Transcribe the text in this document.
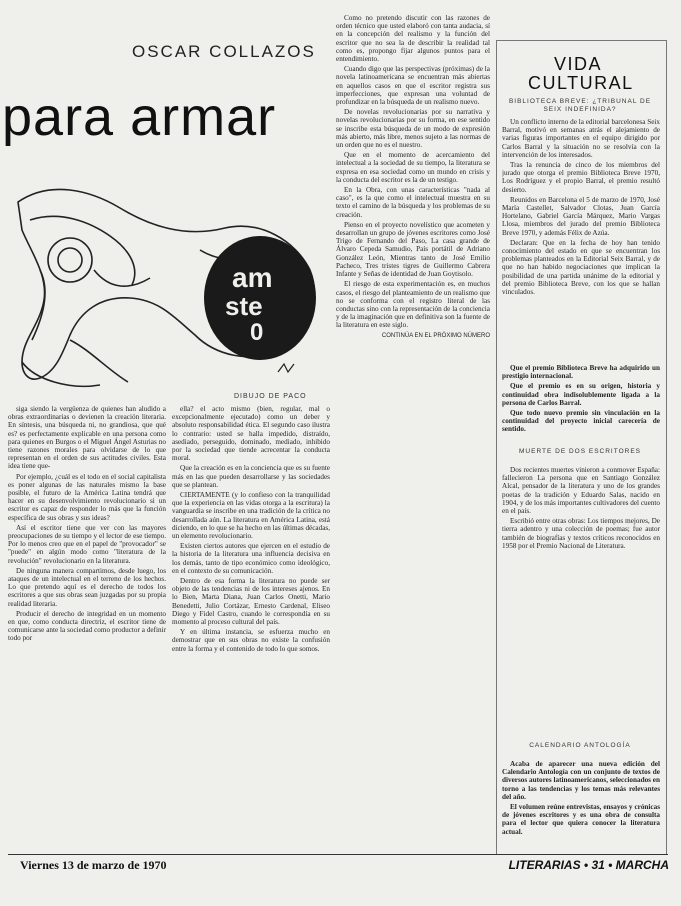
OSCAR COLLAZOS
para armar
am
ste
0
DIBUJO DE PACO

siga siendo la vergüenza de quienes han aludido a obras extraordinarias o devienen la creación literaria. En síntesis, una búsqueda ni, no grandiosa, que qué es? es perfectamente explicable en una persona como para quienes en Burgos o el Miguel Ángel Asturias no tiene razones morales para olvidarse de lo que representan en el orden de sus actitudes civiles. Esta idea tiene que-

Por ejemplo, ¿cuál es el todo en el social capitalista es poner algunas de las naturales mismo la base posible, el futuro de la América Latina tendrá que hacer en su desenvolvimiento revolucionario si un escritor es capaz de responder lo más que la función específica de sus obras y sus ideas?

Así el escritor tiene que ver con las mayores preocupaciones de su tiempo y el lector de ese tiempo. Por lo menos creo que en el papel de "provocador" se "puede" en algún modo como "literatura de la revolución" revolucionario en la literatura.

De ninguna manera compartimos, desde luego, los ataques de un intelectual en el terreno de los hechos. Lo que pretendo aquí es el derecho de todos los escritores a que sus obras sean juzgadas por su propia realidad literaria.

Producir el derecho de integridad en un momento en que, como conducta directriz, el escritor tiene de comunicarse ante la sociedad como productor a definir todo por

ella? el acto mismo (bien, regular, mal o excepcionalmente ejecutado) como un deber y absoluto responsabilidad ética. El segundo caso ilustra lo contrario: usted se halla impedido, distraído, asediado, perseguido, dominado, mediado, inhibido por la sociedad que tiende acrecentar la conducta moral.

Que la creación es en la conciencia que es su fuente más en las que pueden desarrollarse y las sociedades que se plantean.

CIERTAMENTE (y lo confieso con la tranquilidad que la experiencia en las vidas otorga a la escritura) la vanguardia se inscribe en una tradición de la crítica no desarrollada aún. La literatura en América Latina, está diciendo, en lo que se ha hecho en las últimas décadas, un elemento revolucionario.

Existen ciertos autores que ejercen en el estudio de la historia de la literatura una influencia decisiva en los demás, tanto de tipo económico como ideológico, en el contexto de su comunicación.

Dentro de esa forma la literatura no puede ser objeto de las tendencias ni de los intereses ajenos. En lo Bien, Marta Diana, Juan Carlos Onetti, Mario Benedetti, Julio Cortázar, Ernesto Cardenal, Eliseo Diego y Fidel Castro, cuando le correspondía en su momento al proceso cultural del país.

Y en última instancia, se esfuerza mucho en demostrar que en sus obras no existe la confusión entre la forma y el contenido de todo lo que somos.

Como no pretendo discutir con las razones de orden técnico que usted elaboró con tanta audacia, sí en la concepción del realismo y la función del escritor que no sea la de describir la realidad tal como es, propongo fijar algunos puntos para el entendimiento.

Cuando digo que las perspectivas (próximas) de la novela latinoamericana se encuentran más abiertas en aquellos casos en que el escritor registra sus imperfecciones, que expresan una voluntad de profundizar en la búsqueda de un realismo nuevo.

De novelas revolucionarias por su narrativa y novelas revolucionarias por su forma, en ese sentido se inscribe esta búsqueda de un modo de expresión más abierto, más libre, menos sujeto a las normas de un orden que no es el nuestro.

Que en el momento de acercamiento del intelectual a la sociedad de su tiempo, la literatura se expresa en esa sociedad como un mundo en crisis y la conducta del escritor es la de un testigo.

En la Obra, con unas características "nada al caso", es la que como el intelectual muestra en su texto el camino de la búsqueda y los problemas de su creación.

Pienso en el proyecto novelístico que acometen y desarrollan un grupo de jóvenes escritores como José Trigo de Fernando del Paso, La casa grande de Álvaro Cepeda Samudio, País portátil de Adriano González León, Mientras tanto de José Emilio Pacheco, Tres tristes tigres de Guillermo Cabrera Infante y Señas de identidad de Juan Goytisolo.

El riesgo de esta experimentación es, en muchos casos, el riesgo del planteamiento de un realismo que no se conforma con el registro literal de las conductas sino con la representación de la conciencia y de la imaginación que en definitiva son la fuente de la literatura en este siglo.

CONTINÚA EN EL PRÓXIMO NÚMERO

VIDA
CULTURAL
BIBLIOTECA BREVE: ¿TRIBUNAL DE SEIX INDEFINIDA?

Un conflicto interno de la editorial barcelonesa Seix Barral, motivó en semanas atrás el alejamiento de varias figuras importantes en el equipo dirigido por Carlos Barral y la situación no se resolvía con la intervención de los interesados.

Tras la renuncia de cinco de los miembros del jurado que otorga el premio Biblioteca Breve 1970, Los Rodríguez y el propio Barral, el premio resultó desierto.

Reunidos en Barcelona el 5 de marzo de 1970, José María Castellet, Salvador Clotas, Juan García Hortelano, Gabriel García Márquez, Mario Vargas Llosa, miembros del jurado del premio Biblioteca Breve 1970, y además Félix de Azúa.

Declaran: Que en la fecha de hoy han tenido conocimiento del estado en que se encuentran los problemas planteados en la Editorial Seix Barral, y de que no han habido negociaciones que implican la posibilidad de una partida unánime de la editorial y del premio Biblioteca Breve, con los que se hallan vinculados.

Que el premio Biblioteca Breve ha adquirido un prestigio internacional.

Que el premio es en su origen, historia y continuidad obra indisolublemente ligada a la persona de Carlos Barral.

Que todo nuevo premio sin vinculación en la continuidad del proyecto inicial carecería de sentido.

MUERTE DE DOS ESCRITORES

Dos recientes muertes vinieron a conmover España: fallecieron La persona que en Santiago González Alcal, pensador de la literatura y uno de los grandes poetas de la tradición y Eduardo Salas, nacido en 1904, y de los más importantes cultivadores del cuento en el país.

Escribió entre otras obras: Los tiempos mejores, De tierra adentro y una colección de poemas; fue autor también de biografías y textos críticos reconocidos en 1958 por el Premio Nacional de Literatura.

CALENDARIO ANTOLOGÍA

Acaba de aparecer una nueva edición del Calendario Antología con un conjunto de textos de diversos autores latinoamericanos, seleccionados en torno a las tendencias y los temas más relevantes del año.

El volumen reúne entrevistas, ensayos y crónicas de jóvenes escritores y es una obra de consulta para el lector que quiera conocer la literatura actual.

Viernes 13 de marzo de 1970	LITERARIAS • 31 • MARCHA
